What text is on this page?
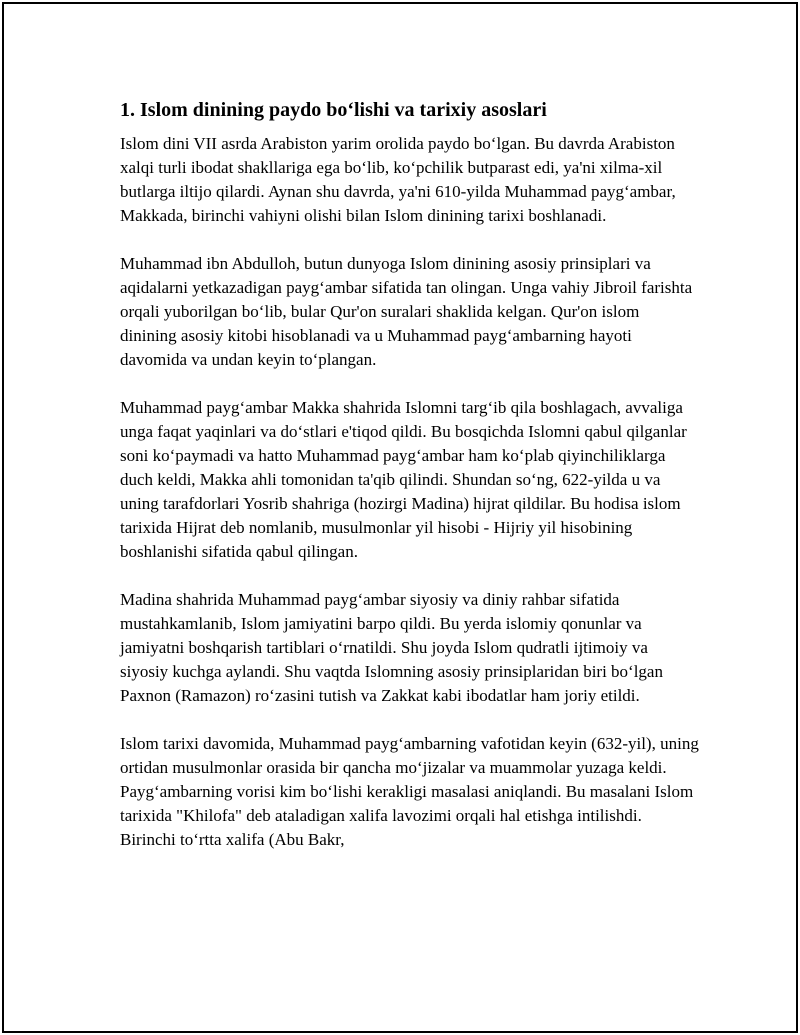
1. Islom dinining paydo bo‘lishi va tarixiy asoslari

Islom dini VII asrda Arabiston yarim orolida paydo bo‘lgan. Bu davrda Arabiston xalqi turli ibodat shakllariga ega bo‘lib, ko‘pchilik butparast edi, ya'ni xilma-xil butlarga iltijo qilardi. Aynan shu davrda, ya'ni 610-yilda Muhammad payg‘ambar, Makkada, birinchi vahiyni olishi bilan Islom dinining tarixi boshlanadi.

Muhammad ibn Abdulloh, butun dunyoga Islom dinining asosiy prinsiplari va aqidalarni yetkazadigan payg‘ambar sifatida tan olingan. Unga vahiy Jibroil farishta orqali yuborilgan bo‘lib, bular Qur'on suralari shaklida kelgan. Qur'on islom dinining asosiy kitobi hisoblanadi va u Muhammad payg‘ambarning hayoti davomida va undan keyin to‘plangan.

Muhammad payg‘ambar Makka shahrida Islomni targ‘ib qila boshlagach, avvaliga unga faqat yaqinlari va do‘stlari e'tiqod qildi. Bu bosqichda Islomni qabul qilganlar soni ko‘paymadi va hatto Muhammad payg‘ambar ham ko‘plab qiyinchiliklarga duch keldi, Makka ahli tomonidan ta'qib qilindi. Shundan so‘ng, 622-yilda u va uning tarafdorlari Yosrib shahriga (hozirgi Madina) hijrat qildilar. Bu hodisa islom tarixida Hijrat deb nomlanib, musulmonlar yil hisobi - Hijriy yil hisobining boshlanishi sifatida qabul qilingan.

Madina shahrida Muhammad payg‘ambar siyosiy va diniy rahbar sifatida mustahkamlanib, Islom jamiyatini barpo qildi. Bu yerda islomiy qonunlar va jamiyatni boshqarish tartiblari o‘rnatildi. Shu joyda Islom qudratli ijtimoiy va siyosiy kuchga aylandi. Shu vaqtda Islomning asosiy prinsiplaridan biri bo‘lgan Paxnon (Ramazon) ro‘zasini tutish va Zakkat kabi ibodatlar ham joriy etildi.

Islom tarixi davomida, Muhammad payg‘ambarning vafotidan keyin (632-yil), uning ortidan musulmonlar orasida bir qancha mo‘jizalar va muammolar yuzaga keldi. Payg‘ambarning vorisi kim bo‘lishi kerakligi masalasi aniqlandi. Bu masalani Islom tarixida "Khilofa" deb ataladigan xalifa lavozimi orqali hal etishga intilishdi. Birinchi to‘rtta xalifa (Abu Bakr,
